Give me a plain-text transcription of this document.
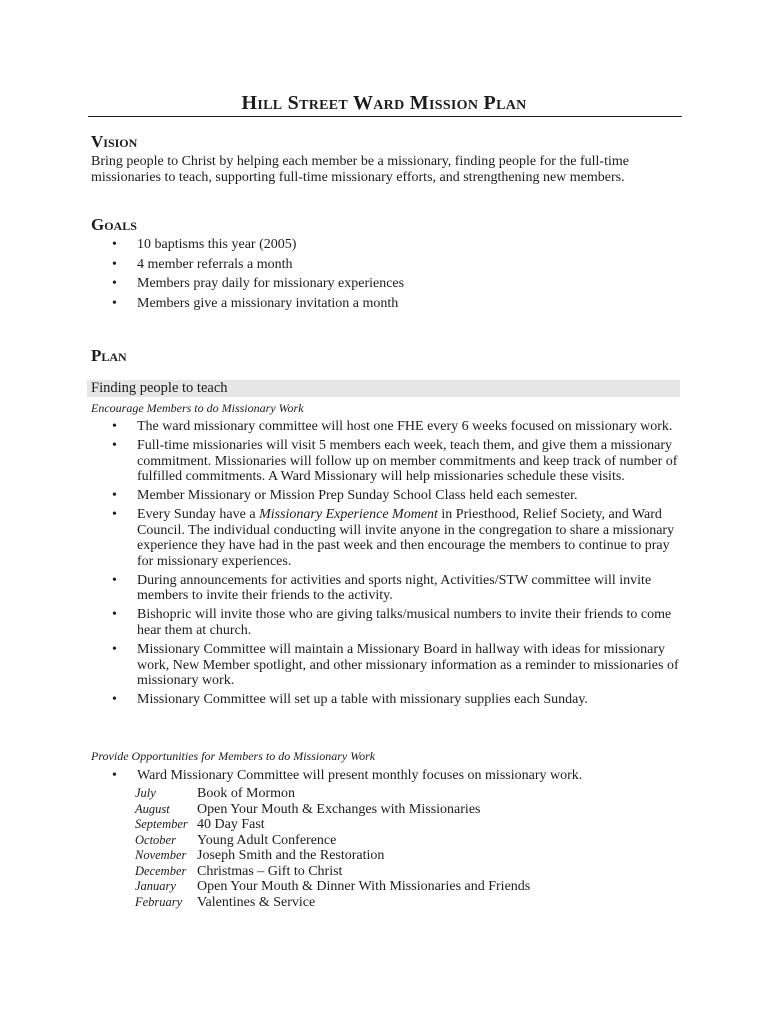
Hill Street Ward Mission Plan
Vision
Bring people to Christ by helping each member be a missionary, finding people for the full-time missionaries to teach, supporting full-time missionary efforts, and strengthening new members.
Goals
• 10 baptisms this year (2005)
• 4 member referrals a month
• Members pray daily for missionary experiences
• Members give a missionary invitation a month
Plan
Finding people to teach
Encourage Members to do Missionary Work
• The ward missionary committee will host one FHE every 6 weeks focused on missionary work.
• Full-time missionaries will visit 5 members each week, teach them, and give them a missionary commitment. Missionaries will follow up on member commitments and keep track of number of fulfilled commitments. A Ward Missionary will help missionaries schedule these visits.
• Member Missionary or Mission Prep Sunday School Class held each semester.
• Every Sunday have a Missionary Experience Moment in Priesthood, Relief Society, and Ward Council. The individual conducting will invite anyone in the congregation to share a missionary experience they have had in the past week and then encourage the members to continue to pray for missionary experiences.
• During announcements for activities and sports night, Activities/STW committee will invite members to invite their friends to the activity.
• Bishopric will invite those who are giving talks/musical numbers to invite their friends to come hear them at church.
• Missionary Committee will maintain a Missionary Board in hallway with ideas for missionary work, New Member spotlight, and other missionary information as a reminder to missionaries of missionary work.
• Missionary Committee will set up a table with missionary supplies each Sunday.
Provide Opportunities for Members to do Missionary Work
• Ward Missionary Committee will present monthly focuses on missionary work.
July	Book of Mormon
August	Open Your Mouth & Exchanges with Missionaries
September 40 Day Fast
October	Young Adult Conference
November Joseph Smith and the Restoration
December Christmas – Gift to Christ
January	Open Your Mouth & Dinner With Missionaries and Friends
February	Valentines & Service
